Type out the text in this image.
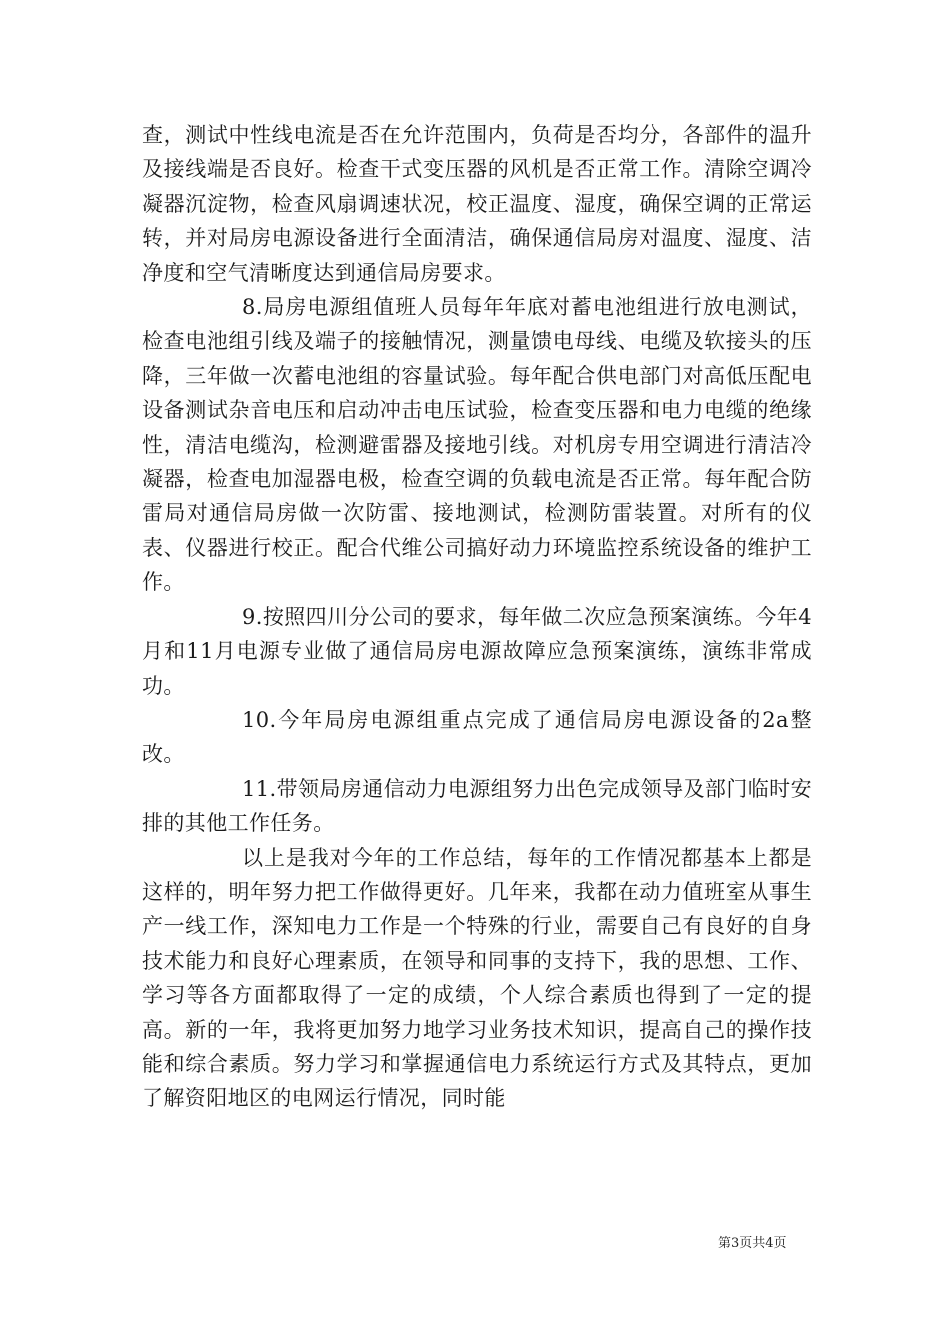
查，测试中性线电流是否在允许范围内，负荷是否均分，各部件的温升及接线端是否良好。检查干式变压器的风机是否正常工作。清除空调冷凝器沉淀物，检查风扇调速状况，校正温度、湿度，确保空调的正常运转，并对局房电源设备进行全面清洁，确保通信局房对温度、湿度、洁净度和空气清晰度达到通信局房要求。

8.局房电源组值班人员每年年底对蓄电池组进行放电测试，检查电池组引线及端子的接触情况，测量馈电母线、电缆及软接头的压降，三年做一次蓄电池组的容量试验。每年配合供电部门对高低压配电设备测试杂音电压和启动冲击电压试验，检查变压器和电力电缆的绝缘性，清洁电缆沟，检测避雷器及接地引线。对机房专用空调进行清洁冷凝器，检查电加湿器电极，检查空调的负载电流是否正常。每年配合防雷局对通信局房做一次防雷、接地测试，检测防雷装置。对所有的仪表、仪器进行校正。配合代维公司搞好动力环境监控系统设备的维护工作。

9.按照四川分公司的要求，每年做二次应急预案演练。今年4月和11月电源专业做了通信局房电源故障应急预案演练，演练非常成功。

10.今年局房电源组重点完成了通信局房电源设备的2a整改。

11.带领局房通信动力电源组努力出色完成领导及部门临时安排的其他工作任务。

以上是我对今年的工作总结，每年的工作情况都基本上都是这样的，明年努力把工作做得更好。几年来，我都在动力值班室从事生产一线工作，深知电力工作是一个特殊的行业，需要自己有良好的自身技术能力和良好心理素质，在领导和同事的支持下，我的思想、工作、学习等各方面都取得了一定的成绩，个人综合素质也得到了一定的提高。新的一年，我将更加努力地学习业务技术知识，提高自己的操作技能和综合素质。努力学习和掌握通信电力系统运行方式及其特点，更加了解资阳地区的电网运行情况，同时能

第3页共4页
